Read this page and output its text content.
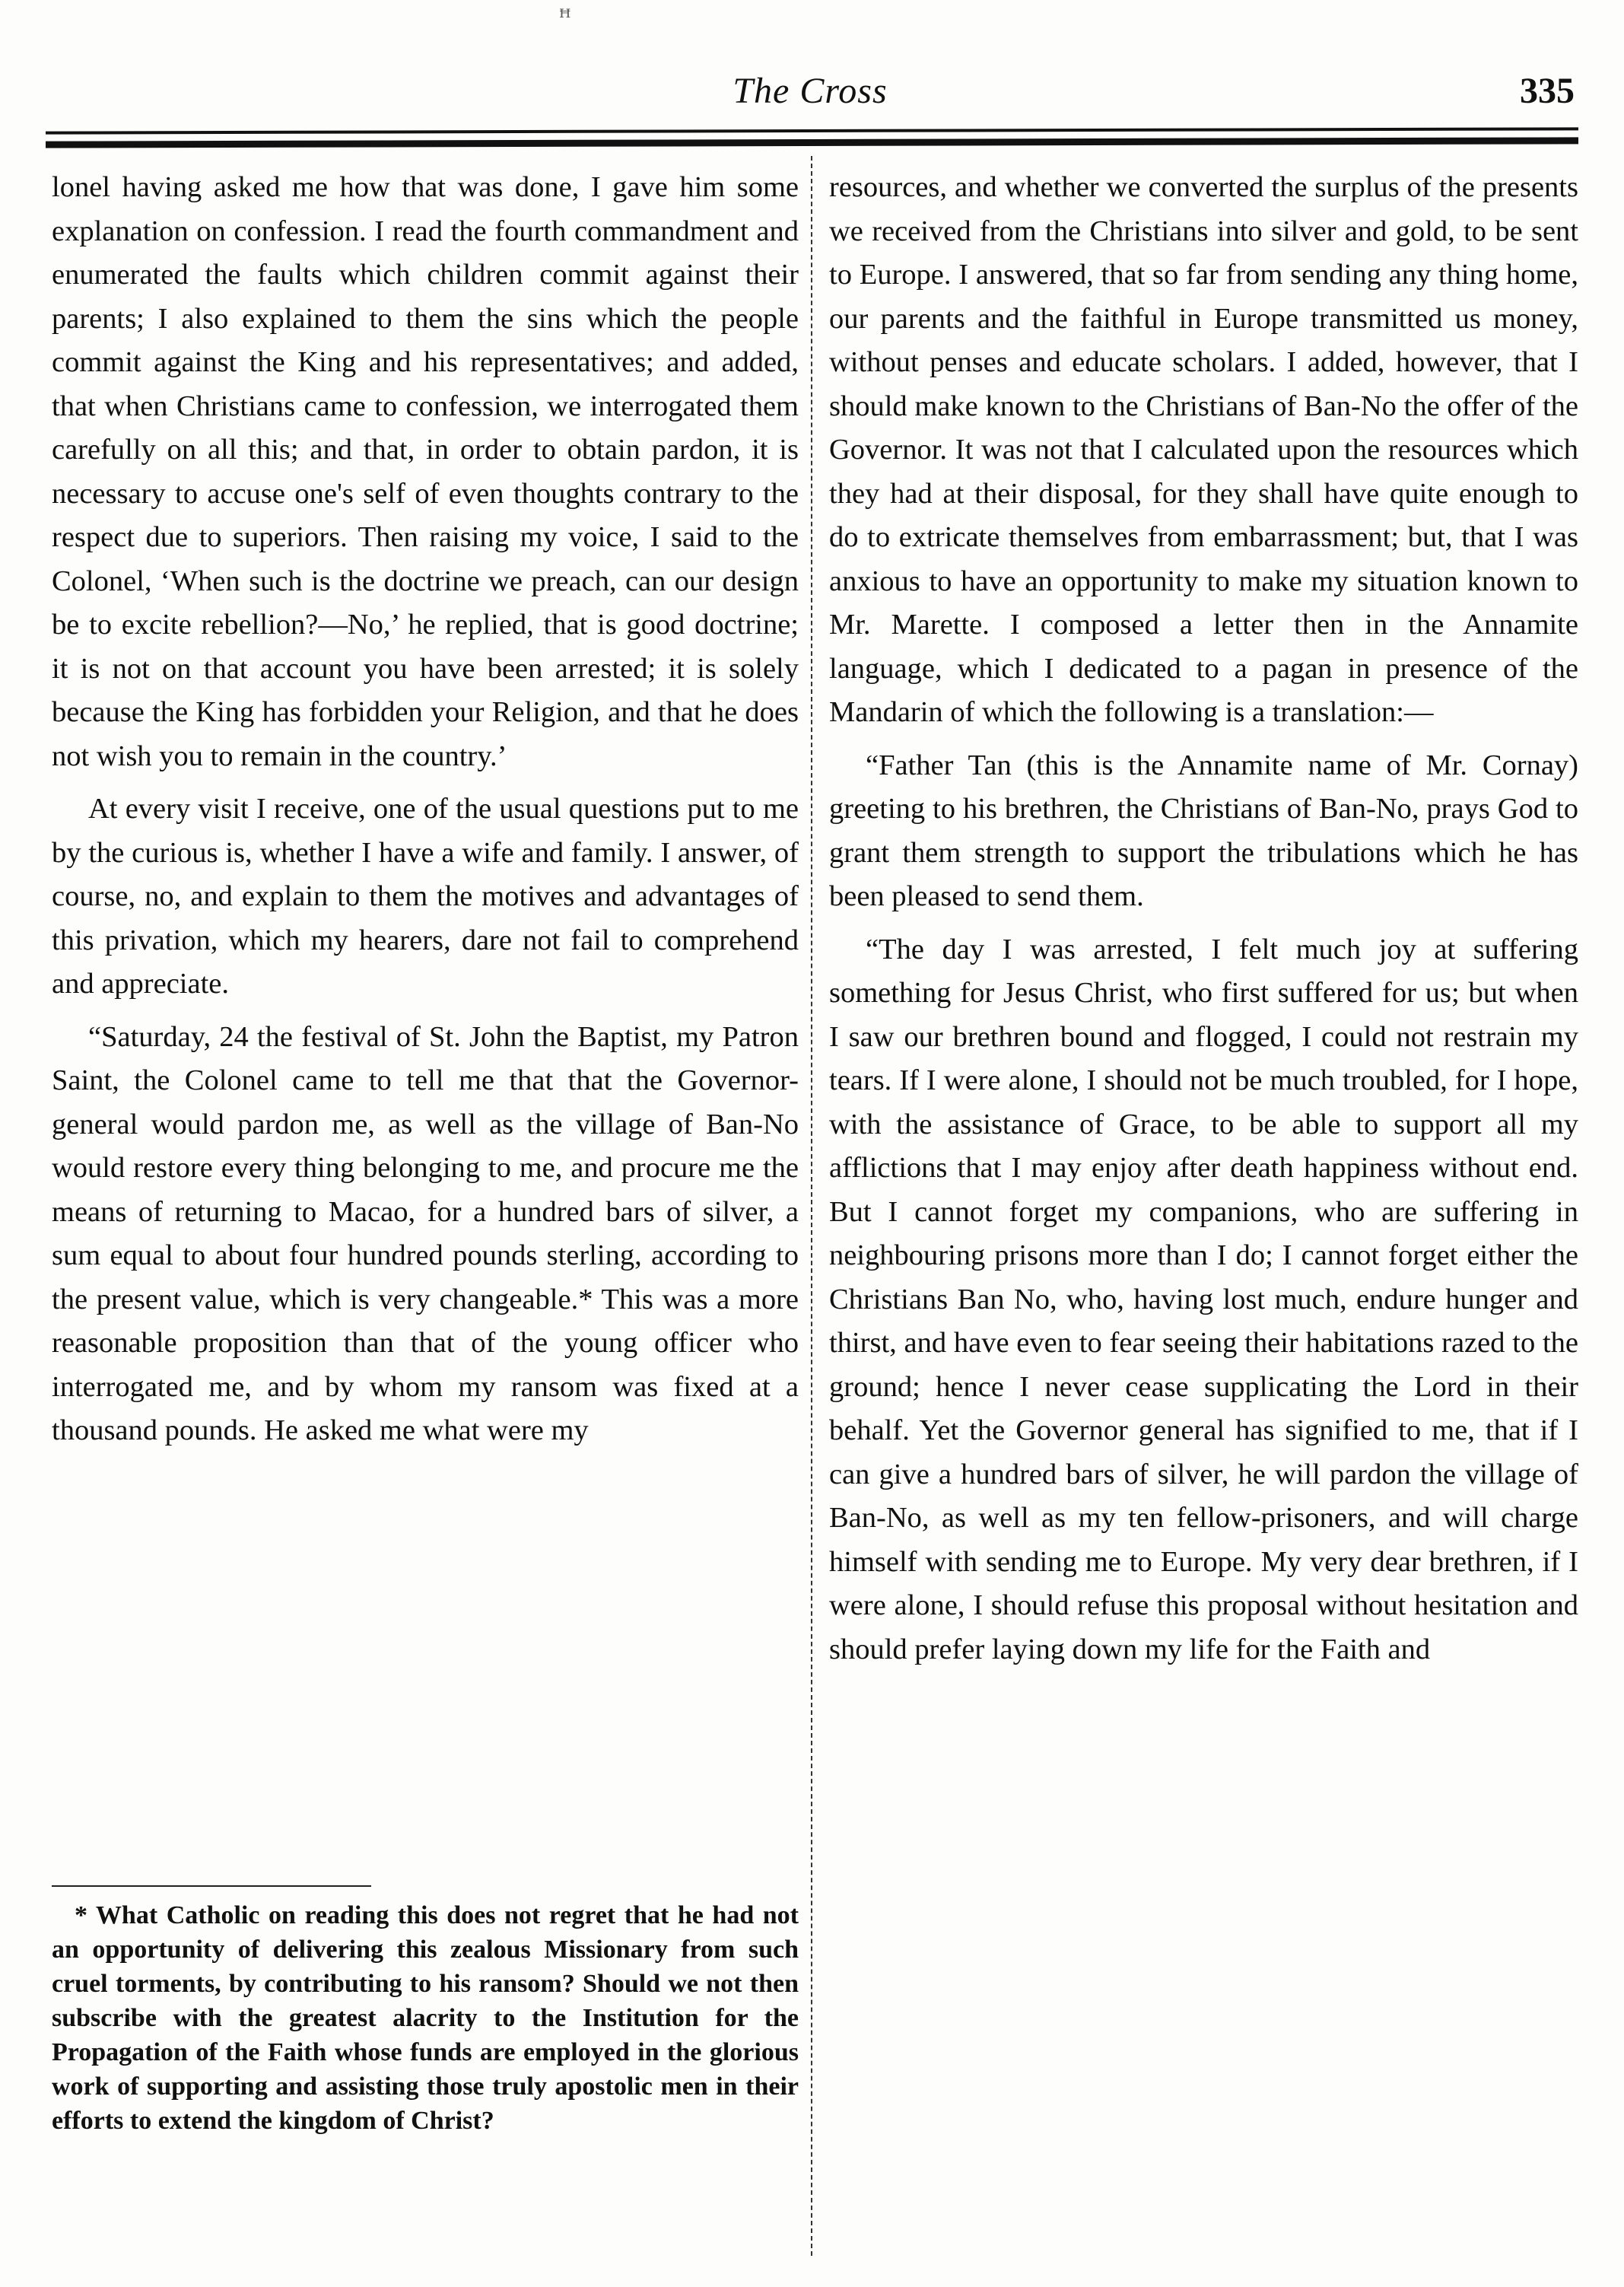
ꟸ
The Cross	335

lonel having asked me how that was done, I gave him some explanation on confession. I read the fourth commandment and enumerated the faults which children commit against their parents; I also explained to them the sins which the people commit against the King and his representatives; and added, that when Christians came to confession, we interrogated them carefully on all this; and that, in order to obtain pardon, it is necessary to accuse one's self of even thoughts contrary to the respect due to superiors. Then raising my voice, I said to the Colonel, ‘When such is the doctrine we preach, can our design be to excite rebellion?—No,’ he replied, that is good doctrine; it is not on that account you have been arrested; it is solely because the King has forbidden your Religion, and that he does not wish you to remain in the country.’

At every visit I receive, one of the usual questions put to me by the curious is, whether I have a wife and family. I answer, of course, no, and explain to them the motives and advantages of this privation, which my hearers, dare not fail to comprehend and appreciate.

“Saturday, 24 the festival of St. John the Baptist, my Patron Saint, the Colonel came to tell me that that the Governor-general would pardon me, as well as the village of Ban-No would restore every thing belonging to me, and procure me the means of returning to Macao, for a hundred bars of silver, a sum equal to about four hundred pounds sterling, according to the present value, which is very changeable.* This was a more reasonable proposition than that of the young officer who interrogated me, and by whom my ransom was fixed at a thousand pounds. He asked me what were my

* What Catholic on reading this does not regret that he had not an opportunity of delivering this zealous Missionary from such cruel torments, by contributing to his ransom? Should we not then subscribe with the greatest alacrity to the Institution for the Propagation of the Faith whose funds are employed in the glorious work of supporting and assisting those truly apostolic men in their efforts to extend the kingdom of Christ?

resources, and whether we converted the surplus of the presents we received from the Christians into silver and gold, to be sent to Europe. I answered, that so far from sending any thing home, our parents and the faithful in Europe transmitted us money, without penses and educate scholars. I added, however, that I should make known to the Christians of Ban-No the offer of the Governor. It was not that I calculated upon the resources which they had at their disposal, for they shall have quite enough to do to extricate themselves from embarrassment; but, that I was anxious to have an opportunity to make my situation known to Mr. Marette. I composed a letter then in the Annamite language, which I dedicated to a pagan in presence of the Mandarin of which the following is a translation:—

“Father Tan (this is the Annamite name of Mr. Cornay) greeting to his brethren, the Christians of Ban-No, prays God to grant them strength to support the tribulations which he has been pleased to send them.

“The day I was arrested, I felt much joy at suffering something for Jesus Christ, who first suffered for us; but when I saw our brethren bound and flogged, I could not restrain my tears. If I were alone, I should not be much troubled, for I hope, with the assistance of Grace, to be able to support all my afflictions that I may enjoy after death happiness without end. But I cannot forget my companions, who are suffering in neighbouring prisons more than I do; I cannot forget either the Christians Ban No, who, having lost much, endure hunger and thirst, and have even to fear seeing their habitations razed to the ground; hence I never cease supplicating the Lord in their behalf. Yet the Governor general has signified to me, that if I can give a hundred bars of silver, he will pardon the village of Ban-No, as well as my ten fellow-prisoners, and will charge himself with sending me to Europe. My very dear brethren, if I were alone, I should refuse this proposal without hesitation and should prefer laying down my life for the Faith and
